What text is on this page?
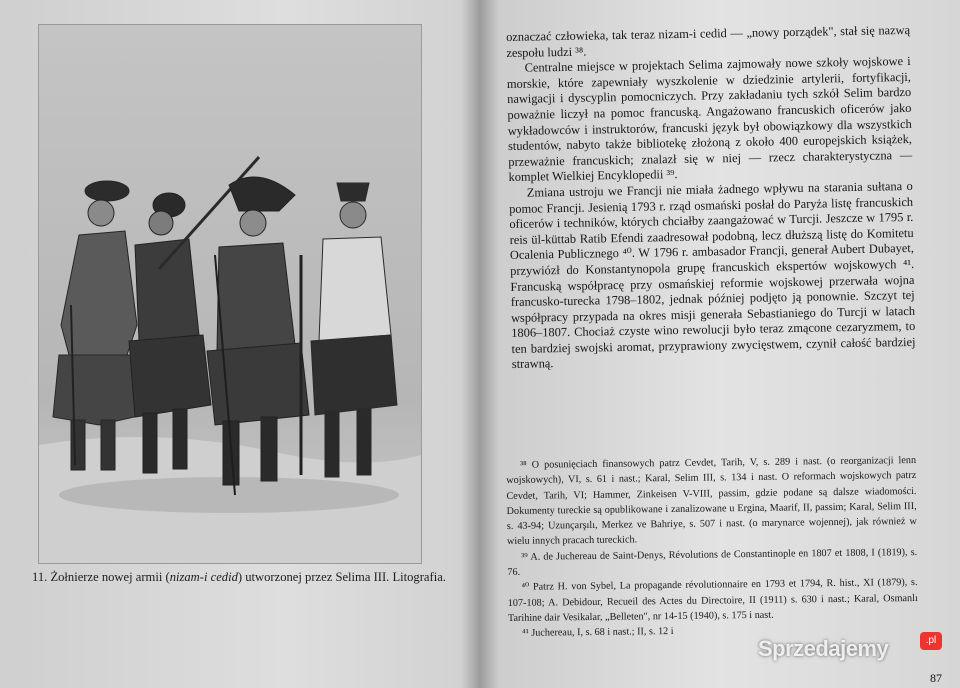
11. Żołnierze nowej armii (nizam-i cedid) utworzonej przez Selima III. Litografia.

oznaczać człowieka, tak teraz nizam-i cedid — „nowy porządek", stał się nazwą zespołu ludzi ³⁸.

Centralne miejsce w projektach Selima zajmowały nowe szkoły wojskowe i morskie, które zapewniały wyszkolenie w dziedzinie artylerii, fortyfikacji, nawigacji i dyscyplin pomocniczych. Przy zakładaniu tych szkół Selim bardzo poważnie liczył na pomoc francuską. Angażowano francuskich oficerów jako wykładowców i instruktorów, francuski język był obowiązkowy dla wszystkich studentów, nabyto także bibliotekę złożoną z około 400 europejskich książek, przeważnie francuskich; znalazł się w niej — rzecz charakterystyczna — komplet Wielkiej Encyklopedii ³⁹.

Zmiana ustroju we Francji nie miała żadnego wpływu na starania sułtana o pomoc Francji. Jesienią 1793 r. rząd osmański posłał do Paryża listę francuskich oficerów i techników, których chciałby zaangażować w Turcji. Jeszcze w 1795 r. reis ül-küttab Ratib Efendi zaadresował podobną, lecz dłuższą listę do Komitetu Ocalenia Publicznego ⁴⁰. W 1796 r. ambasador Francji, generał Aubert Dubayet, przywiózł do Konstantynopola grupę francuskich ekspertów wojskowych ⁴¹. Francuską współpracę przy osmańskiej reformie wojskowej przerwała wojna francusko-turecka 1798–1802, jednak później podjęto ją ponownie. Szczyt tej współpracy przypada na okres misji generała Sebastianiego do Turcji w latach 1806–1807. Chociaż czyste wino rewolucji było teraz zmącone cezaryzmem, to ten bardziej swojski aromat, przyprawiony zwycięstwem, czynił całość bardziej strawną.

³⁸ O posunięciach finansowych patrz Cevdet, Tarih, V, s. 289 i nast. (o reorganizacji lenn wojskowych), VI, s. 61 i nast.; Karal, Selim III, s. 134 i nast. O reformach wojskowych patrz Cevdet, Tarih, VI; Hammer, Zinkeisen V-VIII, passim, gdzie podane są dalsze wiadomości. Dokumenty tureckie są opublikowane i zanalizowane u Ergina, Maarif, II, passim; Karal, Selim III, s. 43-94; Uzunçarşılı, Merkez ve Bahriye, s. 507 i nast. (o marynarce wojennej), jak również w wielu innych pracach tureckich.

³⁹ A. de Juchereau de Saint-Denys, Révolutions de Constantinople en 1807 et 1808, I (1819), s. 76.

⁴⁰ Patrz H. von Sybel, La propagande révolutionnaire en 1793 et 1794, R. hist., XI (1879), s. 107-108; A. Debidour, Recueil des Actes du Directoire, II (1911) s. 630 i nast.; Karal, Osmanlı Tarihine dair Vesikalar, „Belleten", nr 14-15 (1940), s. 175 i nast.

⁴¹ Juchereau, I, s. 68 i nast.; II, s. 12 i

87
Sprzedajemy	.pl
